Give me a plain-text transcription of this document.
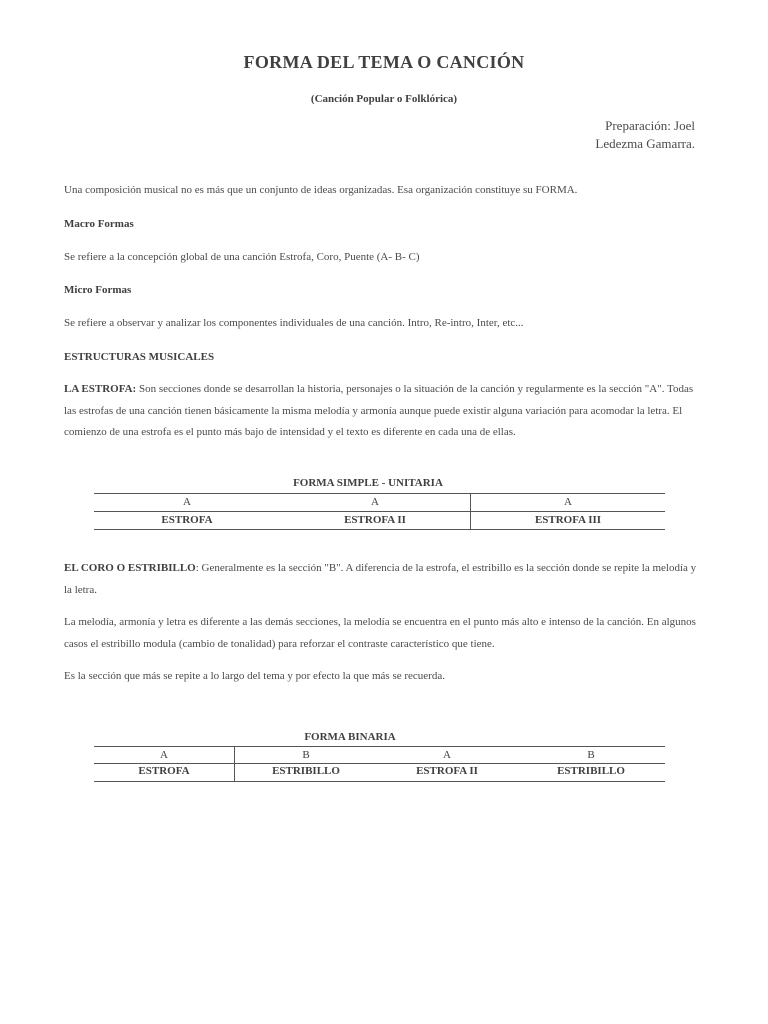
FORMA DEL TEMA O CANCIÓN
(Canción Popular o Folklórica)
Preparación: Joel
Ledezma Gamarra.
Una composición musical no es más que un conjunto de ideas organizadas. Esa organización constituye su FORMA.
Macro Formas
Se refiere a la concepción global de una canción Estrofa, Coro, Puente (A- B- C)
Micro Formas
Se refiere a observar y analizar los componentes individuales de una canción. Intro, Re-intro, Inter, etc...
ESTRUCTURAS MUSICALES
LA ESTROFA: Son secciones donde se desarrollan la historia, personajes o la situación de la canción y regularmente es la sección "A". Todas las estrofas de una canción tienen básicamente la misma melodía y armonía aunque puede existir alguna variación para acomodar la letra. El comienzo de una estrofa es el punto más bajo de intensidad y el texto es diferente en cada una de ellas.
FORMA SIMPLE - UNITARIA
A	A	A
ESTROFA	ESTROFA II	ESTROFA III
EL CORO O ESTRIBILLO: Generalmente es la sección "B". A diferencia de la estrofa, el estribillo es la sección donde se repite la melodía y la letra.
La melodía, armonía y letra es diferente a las demás secciones, la melodía se encuentra en el punto más alto e intenso de la canción. En algunos casos el estribillo modula (cambio de tonalidad) para reforzar el contraste característico que tiene.
Es la sección que más se repite a lo largo del tema y por efecto la que más se recuerda.
FORMA BINARIA
A	B	A	B
ESTROFA	ESTRIBILLO	ESTROFA II	ESTRIBILLO
